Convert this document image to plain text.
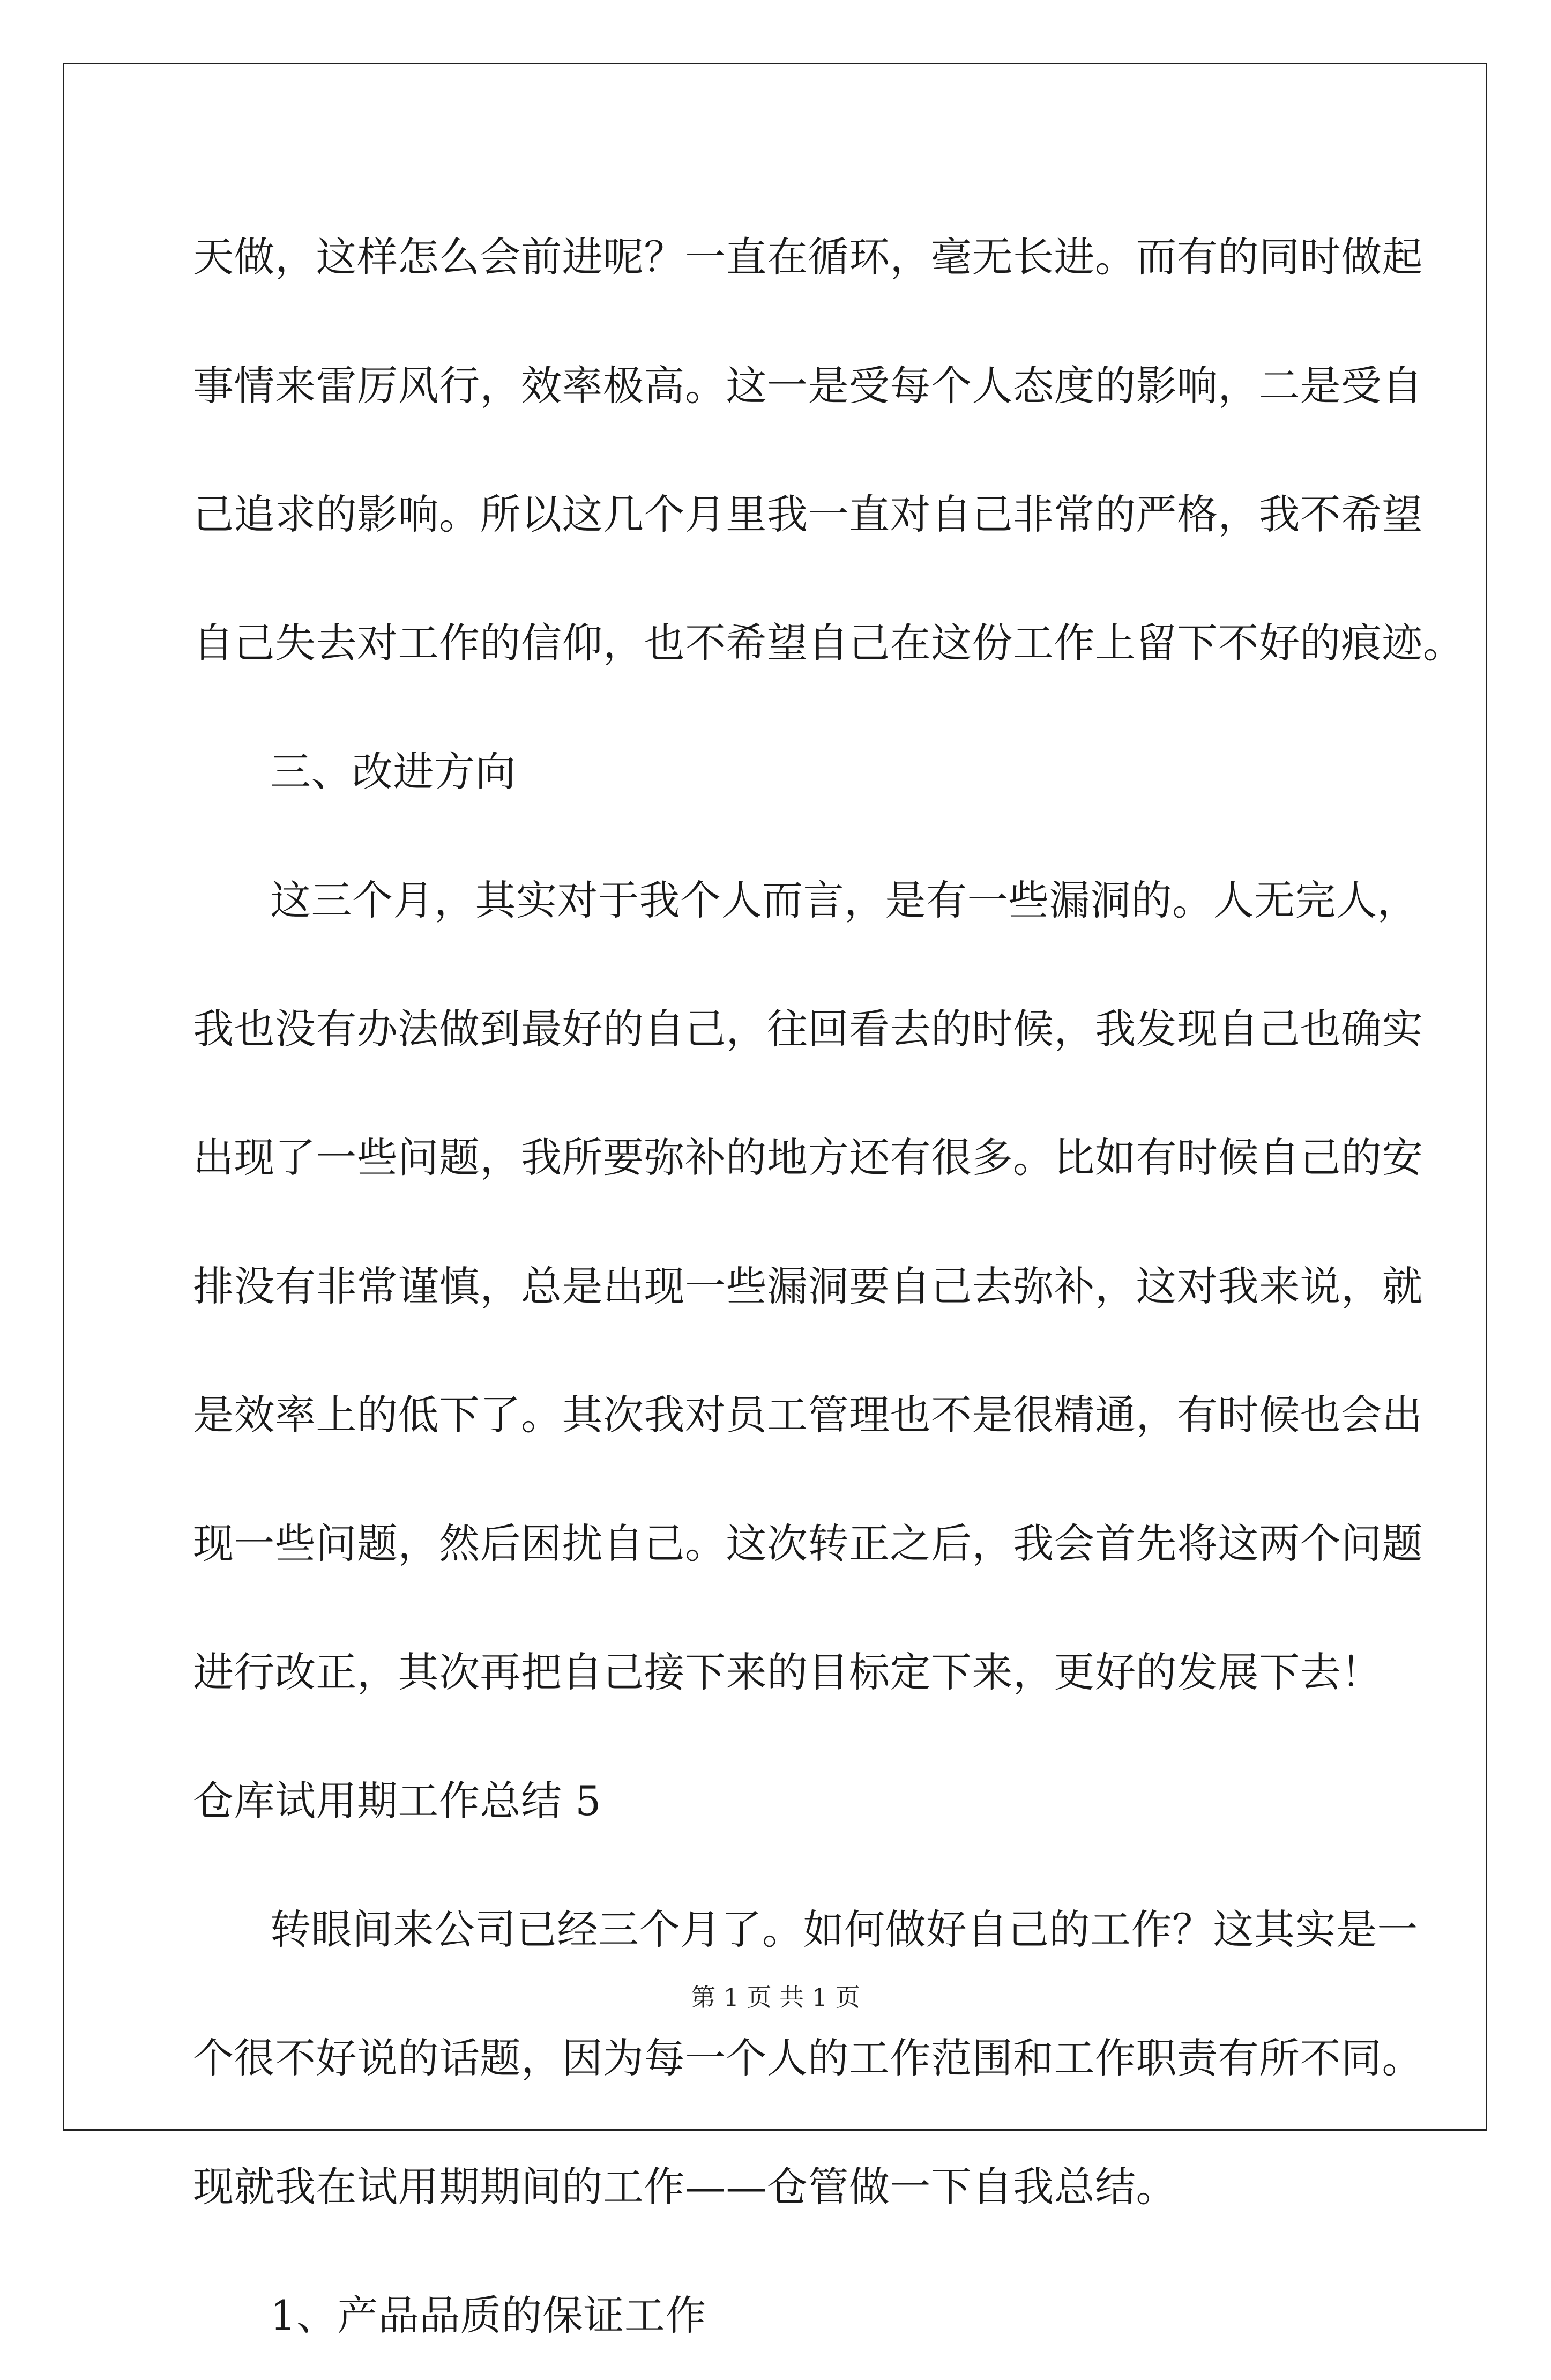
天做，这样怎么会前进呢？一直在循环，毫无长进。而有的同时做起
事情来雷厉风行，效率极高。这一是受每个人态度的影响，二是受自
己追求的影响。所以这几个月里我一直对自己非常的严格，我不希望
自己失去对工作的信仰，也不希望自己在这份工作上留下不好的痕迹。
三、改进方向
这三个月，其实对于我个人而言，是有一些漏洞的。人无完人，
我也没有办法做到最好的自己，往回看去的时候，我发现自己也确实
出现了一些问题，我所要弥补的地方还有很多。比如有时候自己的安
排没有非常谨慎，总是出现一些漏洞要自己去弥补，这对我来说，就
是效率上的低下了。其次我对员工管理也不是很精通，有时候也会出
现一些问题，然后困扰自己。这次转正之后，我会首先将这两个问题
进行改正，其次再把自己接下来的目标定下来，更好的发展下去！
仓库试用期工作总结 5
转眼间来公司已经三个月了。如何做好自己的工作？这其实是一
个很不好说的话题，因为每一个人的工作范围和工作职责有所不同。
现就我在试用期期间的工作——仓管做一下自我总结。
1、产品品质的保证工作
第 1 页 共 1 页
